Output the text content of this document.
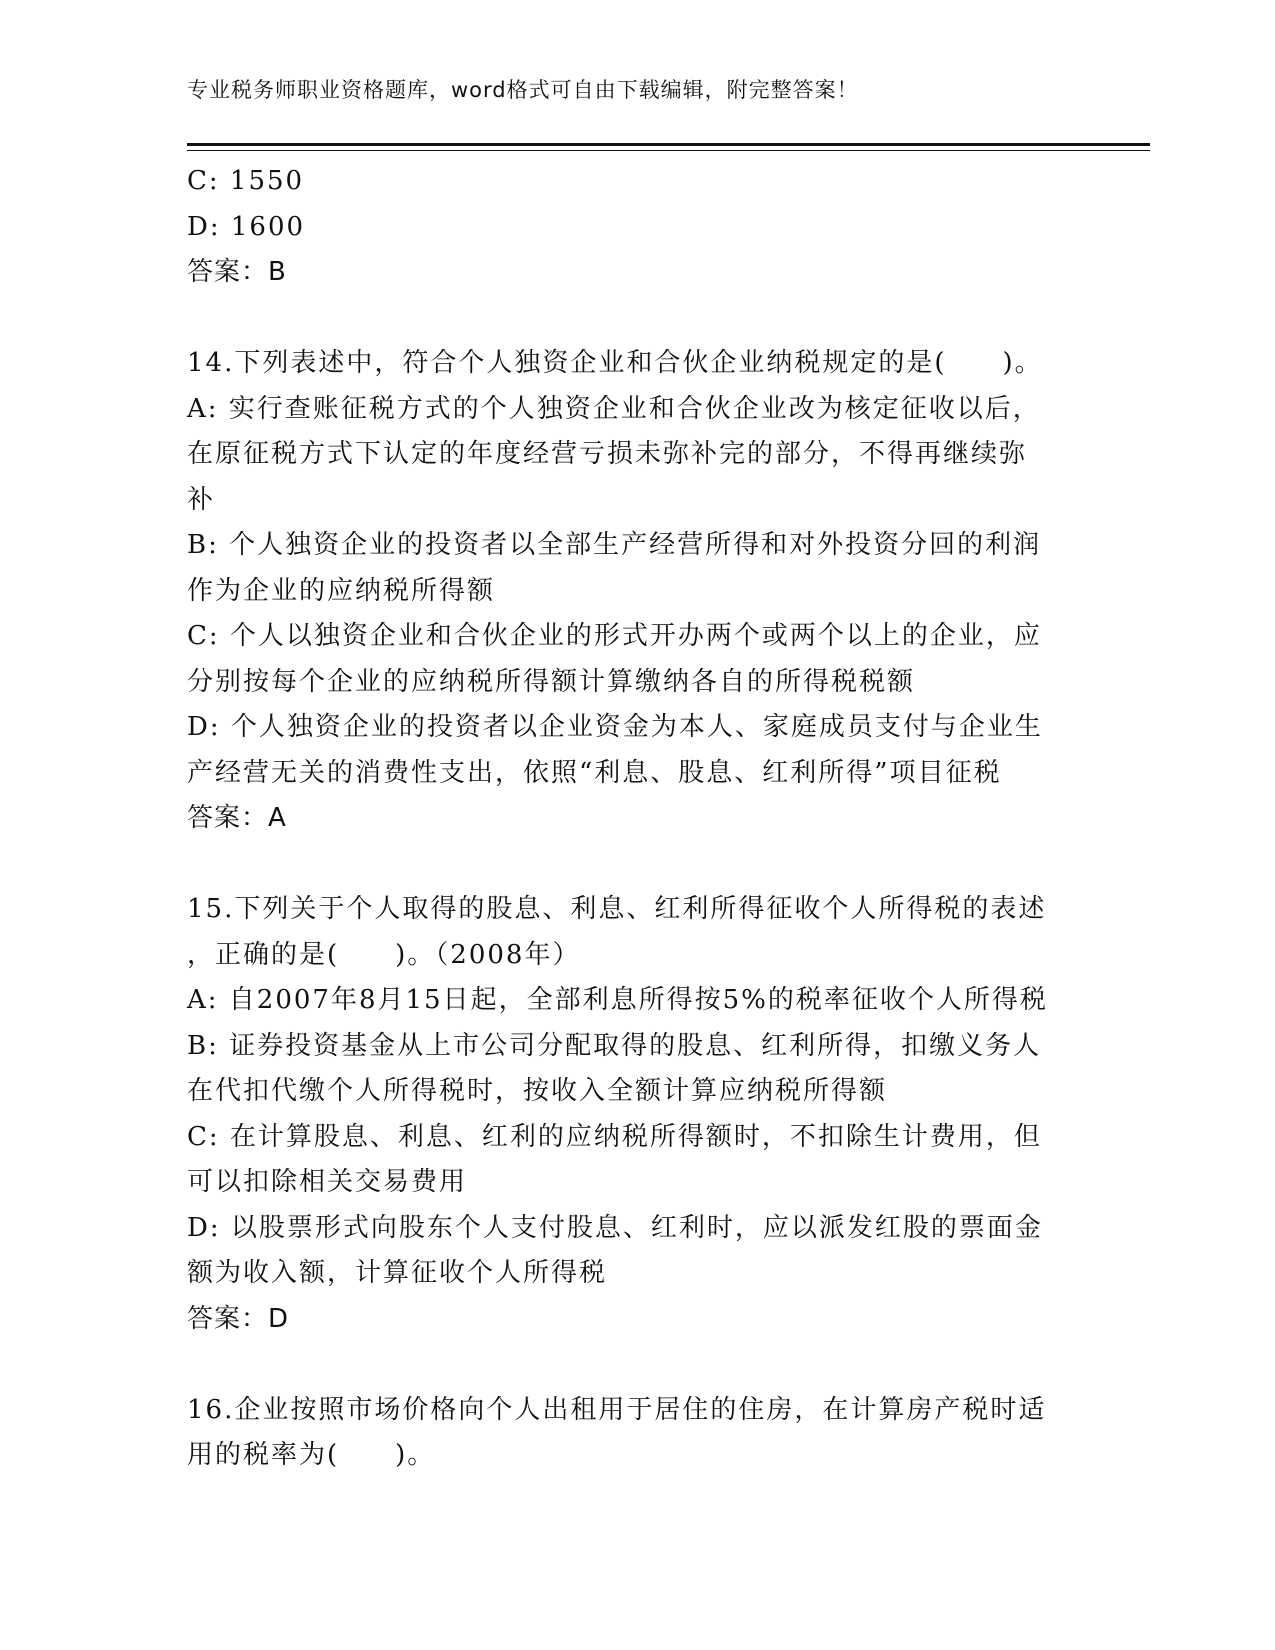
专业税务师职业资格题库，word格式可自由下载编辑，附完整答案！
C: 1550
D: 1600
答案：B
14.下列表述中，符合个人独资企业和合伙企业纳税规定的是(　　)。
A: 实行查账征税方式的个人独资企业和合伙企业改为核定征收以后，
在原征税方式下认定的年度经营亏损未弥补完的部分，不得再继续弥
补
B: 个人独资企业的投资者以全部生产经营所得和对外投资分回的利润
作为企业的应纳税所得额
C: 个人以独资企业和合伙企业的形式开办两个或两个以上的企业，应
分别按每个企业的应纳税所得额计算缴纳各自的所得税税额
D: 个人独资企业的投资者以企业资金为本人、家庭成员支付与企业生
产经营无关的消费性支出，依照“利息、股息、红利所得”项目征税
答案：A
15.下列关于个人取得的股息、利息、红利所得征收个人所得税的表述
，正确的是(　　)。（2008年）
A: 自2007年8月15日起，全部利息所得按5%的税率征收个人所得税
B: 证券投资基金从上市公司分配取得的股息、红利所得，扣缴义务人
在代扣代缴个人所得税时，按收入全额计算应纳税所得额
C: 在计算股息、利息、红利的应纳税所得额时，不扣除生计费用，但
可以扣除相关交易费用
D: 以股票形式向股东个人支付股息、红利时，应以派发红股的票面金
额为收入额，计算征收个人所得税
答案：D
16.企业按照市场价格向个人出租用于居住的住房，在计算房产税时适
用的税率为(　　)。
